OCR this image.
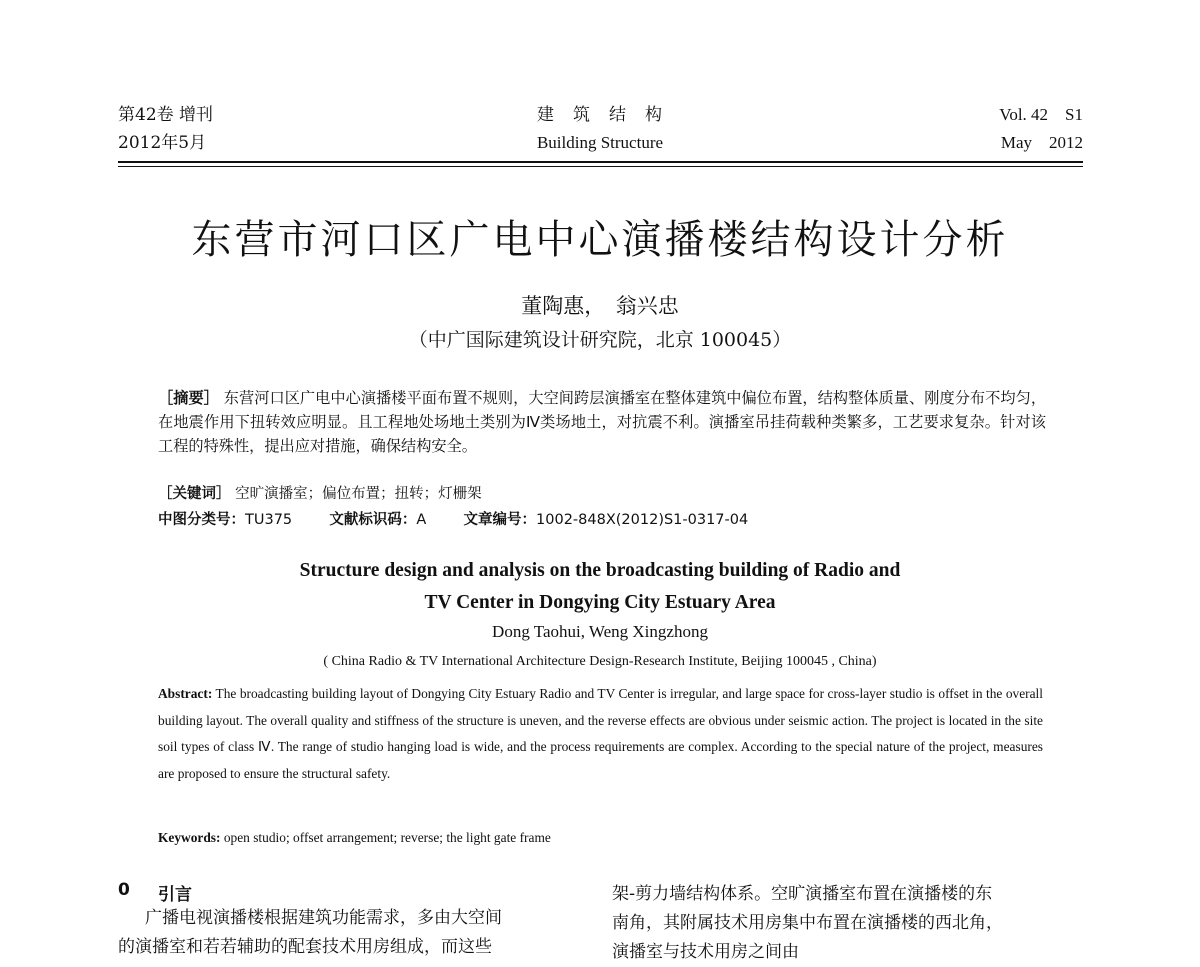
第42卷 增刊
2012年5月
建　筑　结　构
Building Structure
Vol. 42　S1
May　2012
东营市河口区广电中心演播楼结构设计分析
董陶惠，　翁兴忠
（中广国际建筑设计研究院，北京 100045）
［摘要］ 东营河口区广电中心演播楼平面布置不规则，大空间跨层演播室在整体建筑中偏位布置，结构整体质量、刚度分布不均匀，在地震作用下扭转效应明显。且工程地处场地土类别为Ⅳ类场地土，对抗震不利。演播室吊挂荷载种类繁多，工艺要求复杂。针对该工程的特殊性，提出应对措施，确保结构安全。
［关键词］ 空旷演播室；偏位布置；扭转；灯栅架
中图分类号：TU375	文献标识码：A	文章编号：1002-848X(2012)S1-0317-04
Structure design and analysis on the broadcasting building of Radio and
TV Center in Dongying City Estuary Area
Dong Taohui, Weng Xingzhong
( China Radio & TV International Architecture Design-Research Institute, Beijing 100045 , China)
Abstract: The broadcasting building layout of Dongying City Estuary Radio and TV Center is irregular, and large space for cross-layer studio is offset in the overall building layout. The overall quality and stiffness of the structure is uneven, and the reverse effects are obvious under seismic action. The project is located in the site soil types of class Ⅳ. The range of studio hanging load is wide, and the process requirements are complex. According to the special nature of the project, measures are proposed to ensure the structural safety.
Keywords: open studio; offset arrangement; reverse; the light gate frame
0 引言
广播电视演播楼根据建筑功能需求，多由大空间
的演播室和若若辅助的配套技术用房组成，而这些
架-剪力墙结构体系。空旷演播室布置在演播楼的东
南角，其附属技术用房集中布置在演播楼的西北角，
演播室与技术用房之间由
